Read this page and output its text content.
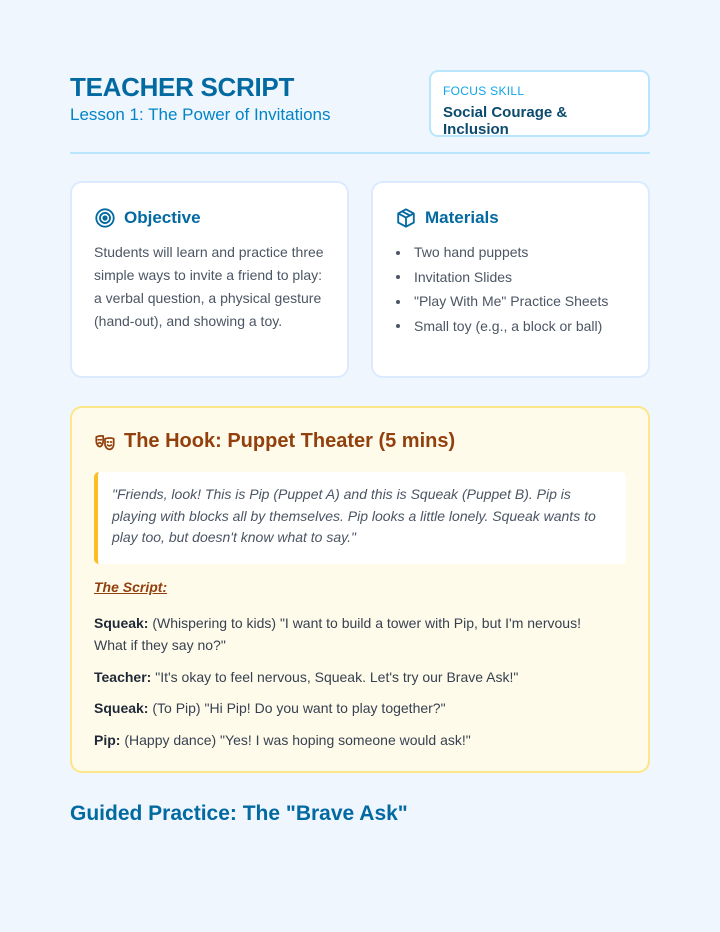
TEACHER SCRIPT
Lesson 1: The Power of Invitations
FOCUS SKILL
Social Courage & Inclusion
Objective
Students will learn and practice three simple ways to invite a friend to play: a verbal question, a physical gesture (hand-out), and showing a toy.
Materials
Two hand puppets
Invitation Slides
"Play With Me" Practice Sheets
Small toy (e.g., a block or ball)
The Hook: Puppet Theater (5 mins)
"Friends, look! This is Pip (Puppet A) and this is Squeak (Puppet B). Pip is playing with blocks all by themselves. Pip looks a little lonely. Squeak wants to play too, but doesn't know what to say."
The Script:
Squeak: (Whispering to kids) "I want to build a tower with Pip, but I'm nervous! What if they say no?"
Teacher: "It's okay to feel nervous, Squeak. Let's try our Brave Ask!"
Squeak: (To Pip) "Hi Pip! Do you want to play together?"
Pip: (Happy dance) "Yes! I was hoping someone would ask!"
Guided Practice: The "Brave Ask"
